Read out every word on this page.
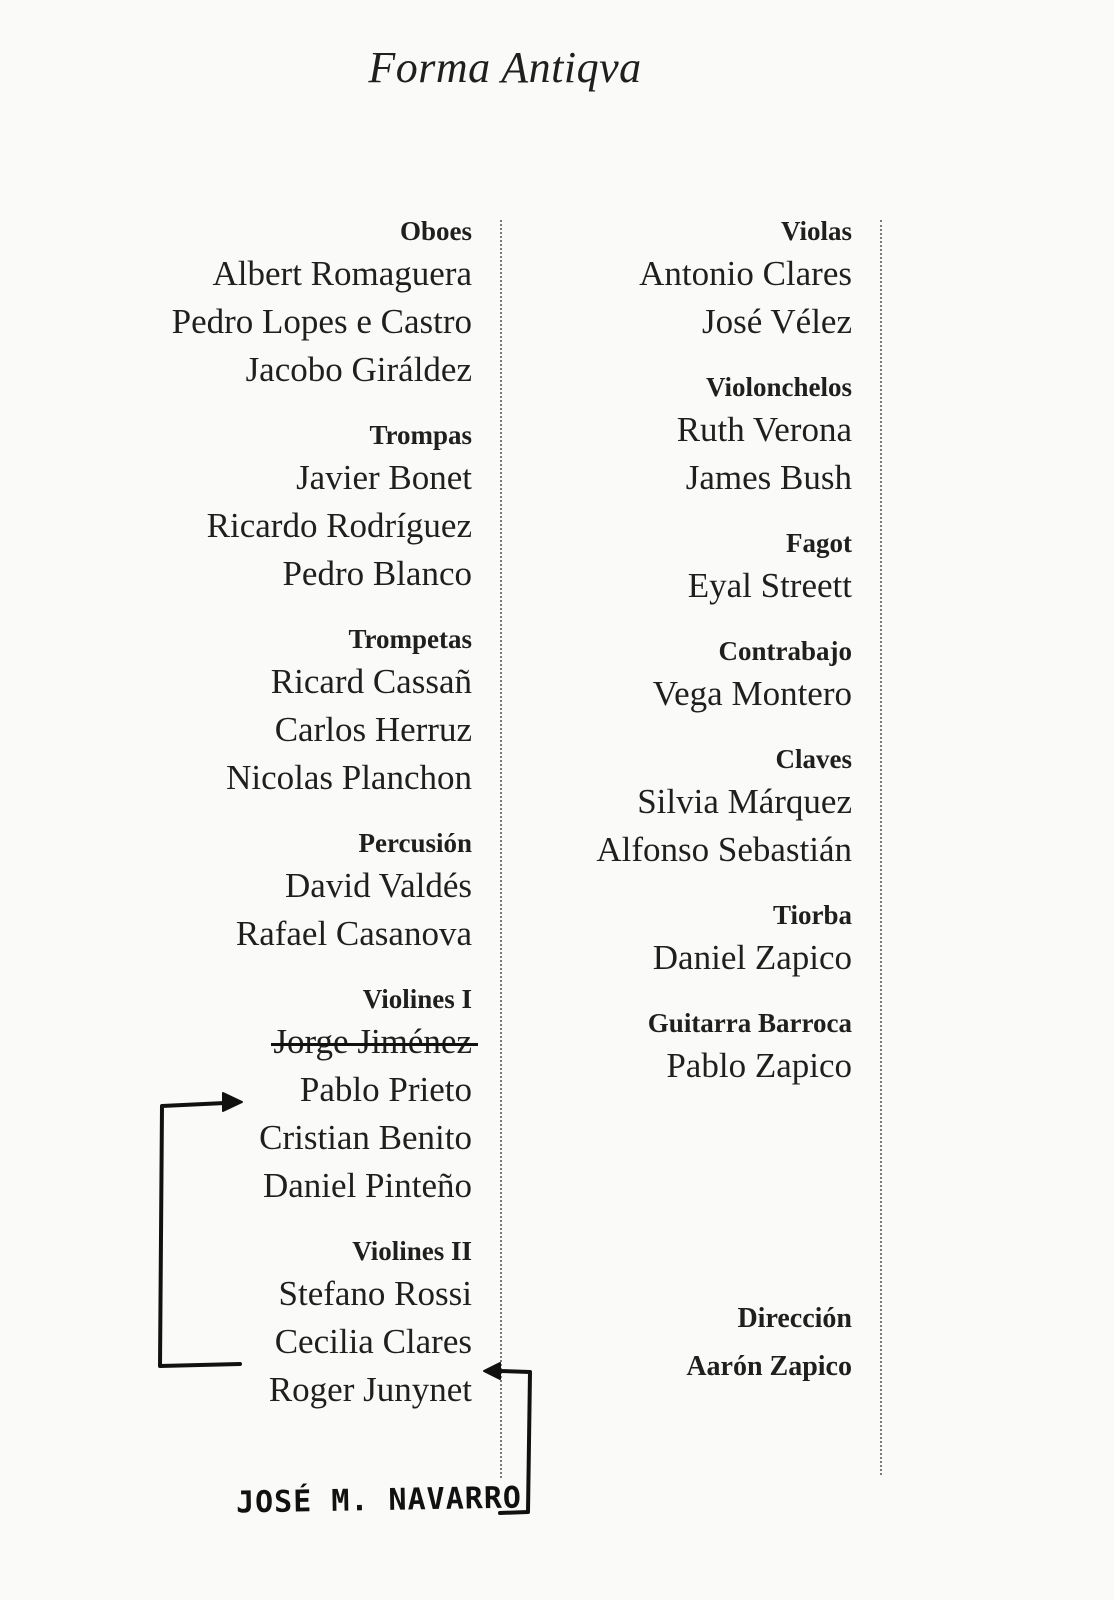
Forma Antiqva
Oboes
Albert Romaguera
Pedro Lopes e Castro
Jacobo Giráldez
Trompas
Javier Bonet
Ricardo Rodríguez
Pedro Blanco
Trompetas
Ricard Cassañ
Carlos Herruz
Nicolas Planchon
Percusión
David Valdés
Rafael Casanova
Violines I
Jorge Jiménez
Pablo Prieto
Cristian Benito
Daniel Pinteño
Violines II
Stefano Rossi
Cecilia Clares
Roger Junynet
Violas
Antonio Clares
José Vélez
Violonchelos
Ruth Verona
James Bush
Fagot
Eyal Streett
Contrabajo
Vega Montero
Claves
Silvia Márquez
Alfonso Sebastián
Tiorba
Daniel Zapico
Guitarra Barroca
Pablo Zapico
Dirección
Aarón Zapico
JOSÉ M. NAVARRO
